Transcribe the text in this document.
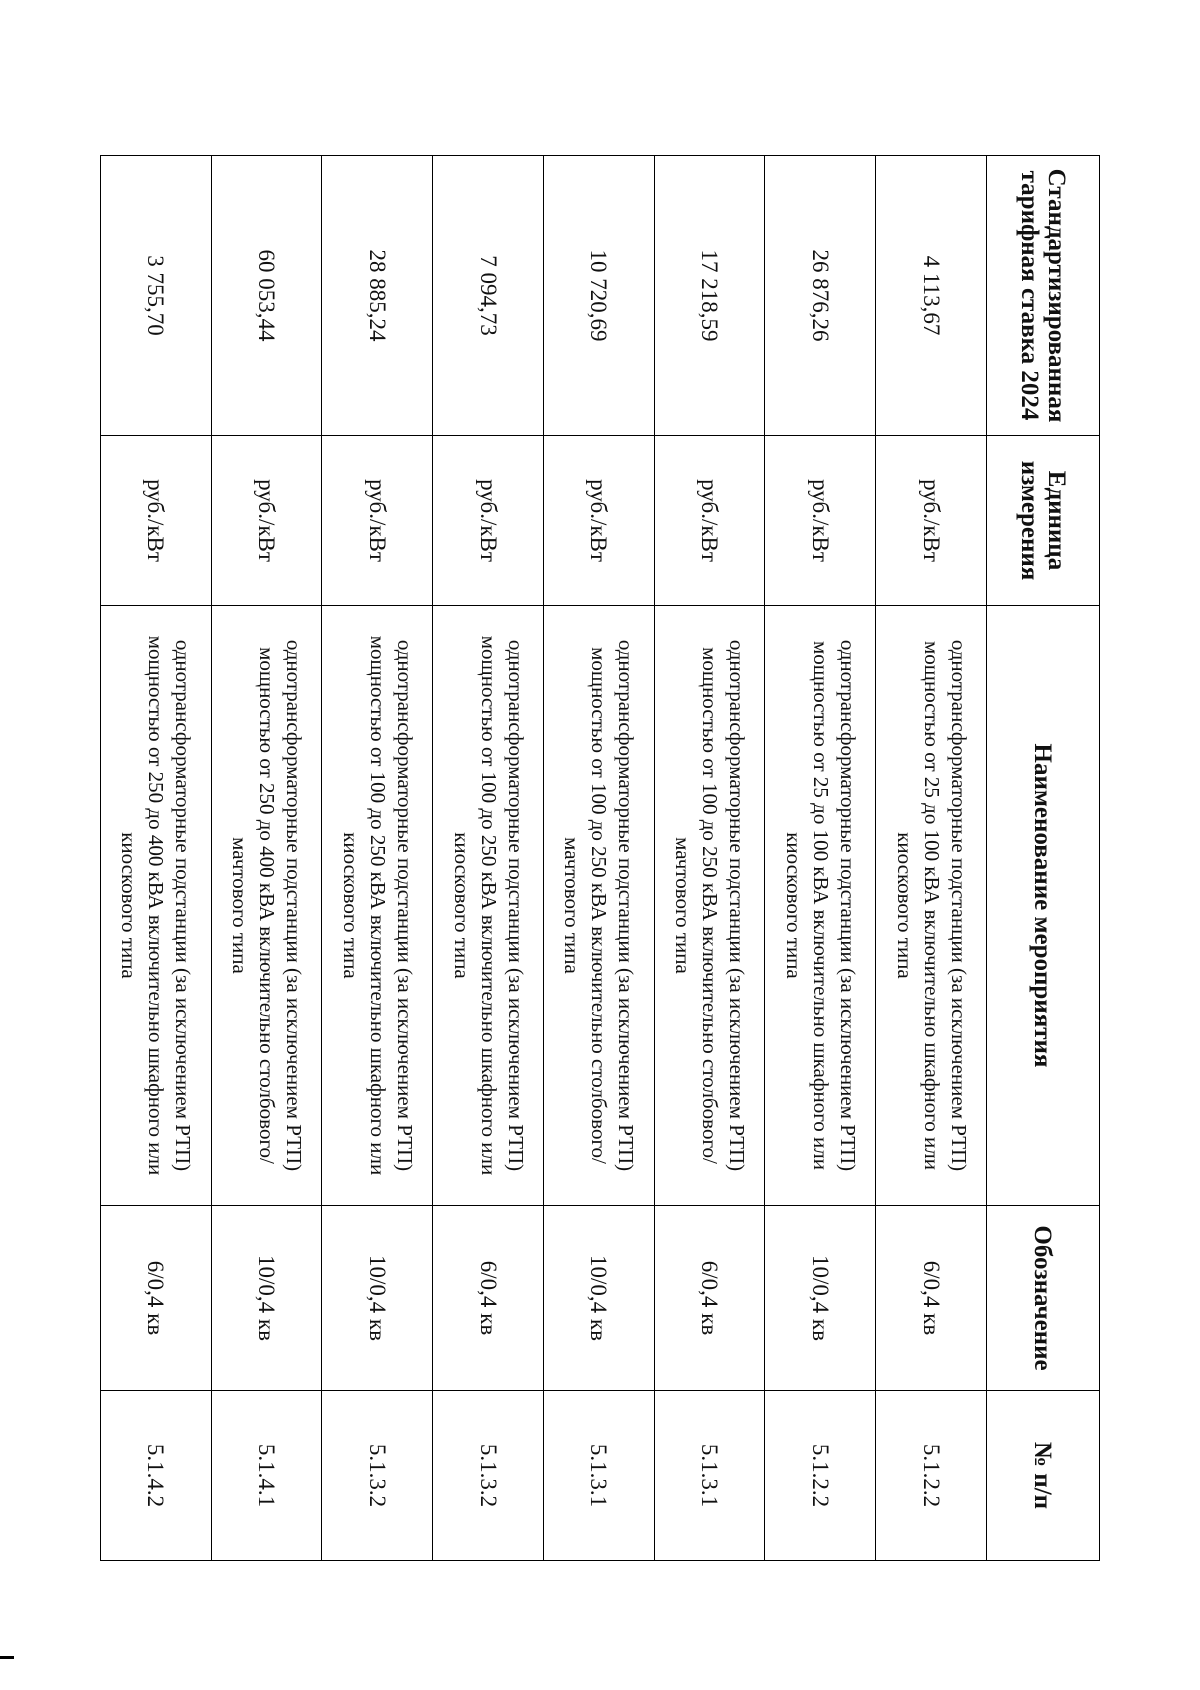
Стандартизированная тарифная ставка 2024	Единица измерения	Наименование мероприятия	Обозначение	№ п/п
4 113,67	руб./кВт	однотрансформаторные подстанции (за исключением РТП) мощностью от 25 до 100 кВА включительно шкафного или киоскового типа	6/0,4 кв	5.1.2.2
26 876,26	руб./кВт	однотрансформаторные подстанции (за исключением РТП) мощностью от 25 до 100 кВА включительно шкафного или киоскового типа	10/0,4 кв	5.1.2.2
17 218,59	руб./кВт	однотрансформаторные подстанции (за исключением РТП) мощностью от 100 до 250 кВА включительно столбового/мачтового типа	6/0,4 кв	5.1.3.1
10 720,69	руб./кВт	однотрансформаторные подстанции (за исключением РТП) мощностью от 100 до 250 кВА включительно столбового/мачтового типа	10/0,4 кв	5.1.3.1
7 094,73	руб./кВт	однотрансформаторные подстанции (за исключением РТП) мощностью от 100 до 250 кВА включительно шкафного или киоскового типа	6/0,4 кв	5.1.3.2
28 885,24	руб./кВт	однотрансформаторные подстанции (за исключением РТП) мощностью от 100 до 250 кВА включительно шкафного или киоскового типа	10/0,4 кв	5.1.3.2
60 053,44	руб./кВт	однотрансформаторные подстанции (за исключением РТП) мощностью от 250 до 400 кВА включительно столбового/мачтового типа	10/0,4 кв	5.1.4.1
3 755,70	руб./кВт	однотрансформаторные подстанции (за исключением РТП) мощностью от 250 до 400 кВА включительно шкафного или киоскового типа	6/0,4 кв	5.1.4.2
